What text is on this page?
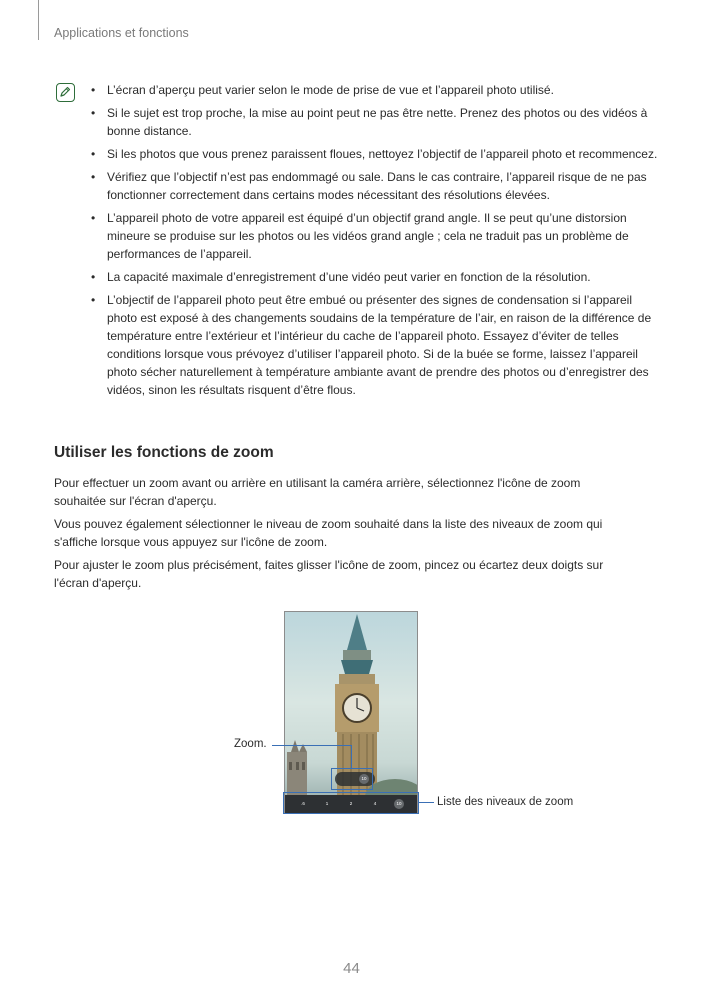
Applications et fonctions
• L’écran d’aperçu peut varier selon le mode de prise de vue et l’appareil photo utilisé.
• Si le sujet est trop proche, la mise au point peut ne pas être nette. Prenez des photos ou des vidéos à bonne distance.
• Si les photos que vous prenez paraissent floues, nettoyez l’objectif de l’appareil photo et recommencez.
• Vérifiez que l’objectif n’est pas endommagé ou sale. Dans le cas contraire, l’appareil risque de ne pas fonctionner correctement dans certains modes nécessitant des résolutions élevées.
• L’appareil photo de votre appareil est équipé d’un objectif grand angle. Il se peut qu’une distorsion mineure se produise sur les photos ou les vidéos grand angle ; cela ne traduit pas un problème de performances de l’appareil.
• La capacité maximale d’enregistrement d’une vidéo peut varier en fonction de la résolution.
• L’objectif de l’appareil photo peut être embué ou présenter des signes de condensation si l’appareil photo est exposé à des changements soudains de la température de l’air, en raison de la différence de température entre l’extérieur et l’intérieur du cache de l’appareil photo. Essayez d’éviter de telles conditions lorsque vous prévoyez d’utiliser l’appareil photo. Si de la buée se forme, laissez l’appareil photo sécher naturellement à température ambiante avant de prendre des photos ou d’enregistrer des vidéos, sinon les résultats risquent d’être flous.
Utiliser les fonctions de zoom

Pour effectuer un zoom avant ou arrière en utilisant la caméra arrière, sélectionnez l'icône de zoom souhaitée sur l'écran d'aperçu.

Vous pouvez également sélectionner le niveau de zoom souhaité dans la liste des niveaux de zoom qui s'affiche lorsque vous appuyez sur l'icône de zoom.

Pour ajuster le zoom plus précisément, faites glisser l'icône de zoom, pincez ou écartez deux doigts sur l'écran d'aperçu.

10
.6	1	2	4	10
Zoom.
Liste des niveaux de zoom
44
